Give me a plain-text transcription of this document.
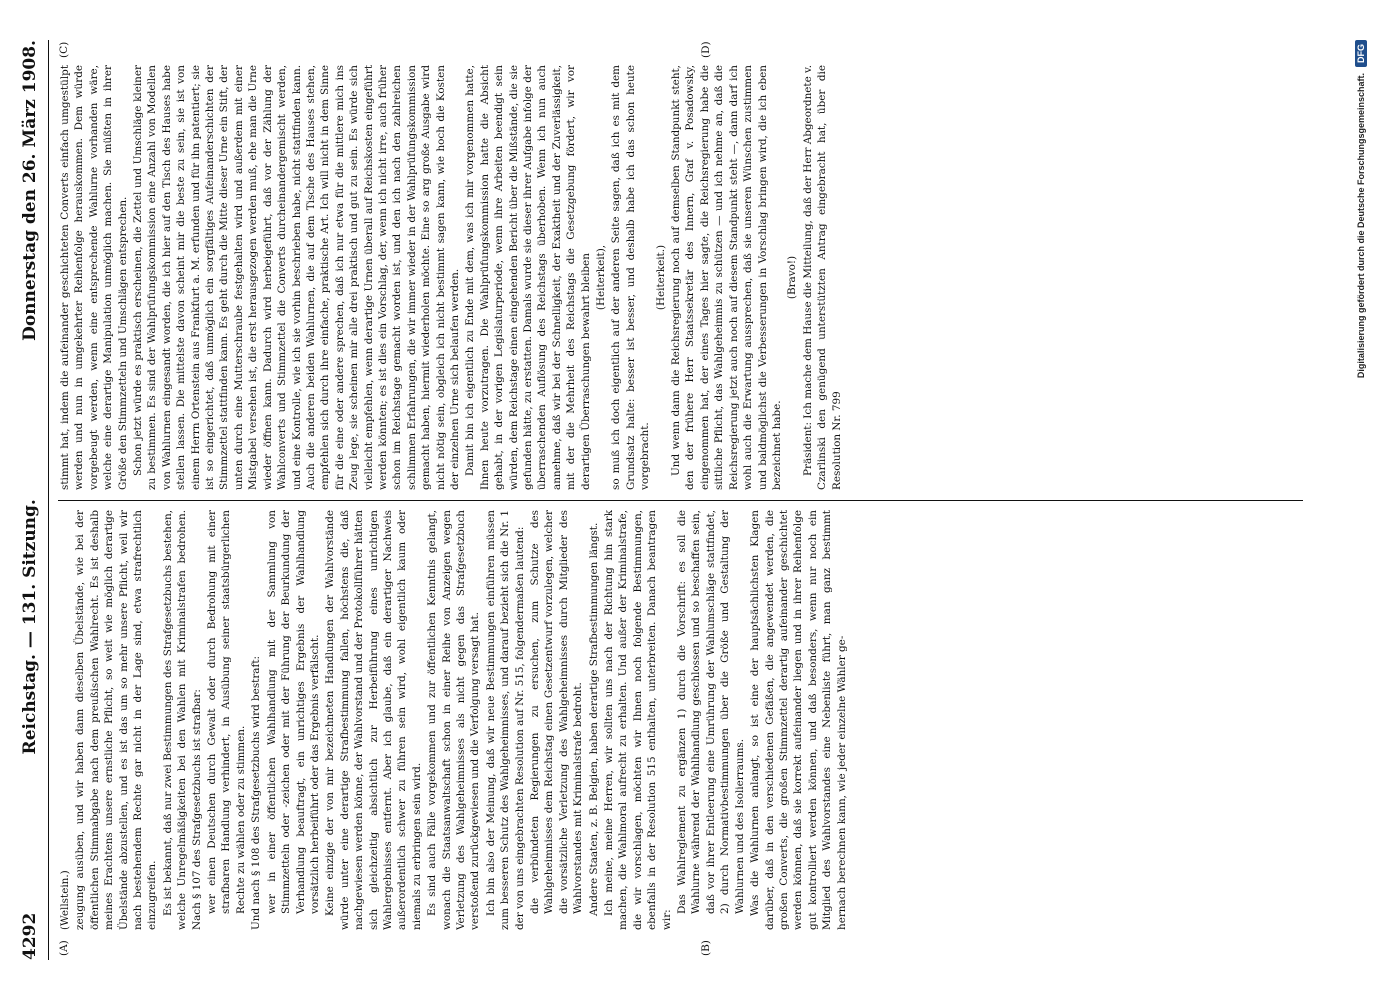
4292
Reichstag. — 131. Sitzung.
Donnerstag den 26. März 1908.
(A)	(B)
(C)	(D)

(Wellstein.) zeugung ausüben, und wir haben dann dieselben Übelstände, wie bei der öffentlichen Stimmabgabe nach dem preußischen Wahlrecht. Es ist deshalb meines Erachtens unsere ernstliche Pflicht, so weit wie möglich derartige Übelstände abzustellen, und es ist das um so mehr unsere Pflicht, weil wir nach bestehendem Rechte gar nicht in der Lage sind, etwa strafrechtlich einzugreifen. Es ist bekannt, daß nur zwei Bestimmungen des Strafgesetzbuchs bestehen, welche Unregelmäßigkeiten bei den Wahlen mit Kriminalstrafen bedrohen. Nach § 107 des Strafgesetzbuchs ist strafbar: wer einen Deutschen durch Gewalt oder durch Bedrohung mit einer strafbaren Handlung verhindert, in Ausübung seiner staatsbürgerlichen Rechte zu wählen oder zu stimmen. Und nach § 108 des Strafgesetzbuchs wird bestraft: wer in einer öffentlichen Wahlhandlung mit der Sammlung von Stimmzetteln oder -zeichen oder mit der Führung der Beurkundung der Verhandlung beauftragt, ein unrichtiges Ergebnis der Wahlhandlung vorsätzlich herbeiführt oder das Ergebnis verfälscht. Keine einzige der von mir bezeichneten Handlungen der Wahlvorstände würde unter eine derartige Strafbestimmung fallen, höchstens die, daß nachgewiesen werden könne, der Wahlvorstand und der Protokollführer hätten sich gleichzeitig absichtlich zur Herbeiführung eines unrichtigen Wahlergebnisses entfernt. Aber ich glaube, daß ein derartiger Nachweis außerordentlich schwer zu führen sein wird, wohl eigentlich kaum oder niemals zu erbringen sein wird. Es sind auch Fälle vorgekommen und zur öffentlichen Kenntnis gelangt, wonach die Staatsanwaltschaft schon in einer Reihe von Anzeigen wegen Verletzung des Wahlgeheimnisses als nicht gegen das Strafgesetzbuch verstoßend zurückgewiesen und die Verfolgung versagt hat. Ich bin also der Meinung, daß wir neue Bestimmungen einführen müssen zum besseren Schutz des Wahlgeheimnisses, und darauf bezieht sich die Nr. 1 der von uns eingebrachten Resolution auf Nr. 515, folgendermaßen lautend: die verbündeten Regierungen zu ersuchen, zum Schutze des Wahlgeheimnisses dem Reichstag einen Gesetzentwurf vorzulegen, welcher die vorsätzliche Verletzung des Wahlgeheimnisses durch Mitglieder des Wahlvorstandes mit Kriminalstrafe bedroht. Andere Staaten, z. B. Belgien, haben derartige Strafbestimmungen längst. Ich meine, meine Herren, wir sollten uns nach der Richtung hin stark machen, die Wahlmoral aufrecht zu erhalten. Und außer der Kriminalstrafe, die wir vorschlagen, möchten wir Ihnen noch folgende Bestimmungen, ebenfalls in der Resolution 515 enthalten, unterbreiten. Danach beantragen wir:

Das Wahlreglement zu ergänzen 1) durch die Vorschrift: es soll die Wahlurne während der Wahlhandlung geschlossen und so beschaffen sein, daß vor ihrer Entleerung eine Umrührung der Wahlumschläge stattfindet, 2) durch Normativbestimmungen über die Größe und Gestaltung der Wahlurnen und des Isolierraums. Was die Wahlurnen anlangt, so ist eine der hauptsächlichsten Klagen darüber, daß in den verschiedenen Gefäßen, die angewendet werden, die großen Converts, die großen Stimmzettel derartig aufeinander geschichtet werden können, daß sie korrekt aufeinander liegen und in ihrer Reihenfolge gut kontrolliert werden können, und daß besonders, wenn nur noch ein Mitglied des Wahlvorstandes eine Nebenliste führt, man ganz bestimmt hernach berechnen kann, wie jeder einzelne Wähler ge-

stimmt hat, indem die aufeinander geschichteten Converts einfach umgestülpt werden und nun in umgekehrter Reihenfolge herauskommen. Dem würde vorgebeugt werden, wenn eine entsprechende Wahlurne vorhanden wäre, welche eine derartige Manipulation unmöglich machen. Sie müßten in ihrer Größe den Stimmzetteln und Umschlägen entsprechen. Schon jetzt würde es praktisch erscheinen, die Zettel und Umschläge kleiner zu bestimmen. Es sind der Wahlprüfungskommission eine Anzahl von Modellen von Wahlurnen eingesandt worden, die ich hier auf den Tisch des Hauses habe stellen lassen. Die mittelste davon scheint mir die beste zu sein, sie ist von einem Herrn Ortenstein aus Frankfurt a. M. erfunden und für ihn patentiert; sie ist so eingerichtet, daß unmöglich ein sorgfältiges Aufeinanderschichten der Stimmzettel stattfinden kann. Es geht durch die Mitte dieser Urne ein Stift, der unten durch eine Mutterschraube festgehalten wird und außerdem mit einer Mistgabel versehen ist, die erst herausgezogen werden muß, ehe man die Urne wieder öffnen kann. Dadurch wird herbeigeführt, daß vor der Zählung der Wahlconverts und Stimmzettel die Converts durcheinandergemischt werden, und eine Kontrolle, wie ich sie vorhin beschrieben habe, nicht stattfinden kann. Auch die anderen beiden Wahlurnen, die auf dem Tische des Hauses stehen, empfehlen sich durch ihre einfache, praktische Art. Ich will nicht in dem Sinne für die eine oder andere sprechen, daß ich nur etwa für die mittlere mich ins Zeug lege, sie scheinen mir alle drei praktisch und gut zu sein. Es würde sich vielleicht empfehlen, wenn derartige Urnen überall auf Reichskosten eingeführt werden könnten; es ist dies ein Vorschlag, der, wenn ich nicht irre, auch früher schon im Reichstage gemacht worden ist, und den ich nach den zahlreichen schlimmen Erfahrungen, die wir immer wieder in der Wahlprüfungskommission gemacht haben, hiermit wiederholen möchte. Eine so arg große Ausgabe wird nicht nötig sein, obgleich ich nicht bestimmt sagen kann, wie hoch die Kosten der einzelnen Urne sich belaufen werden. Damit bin ich eigentlich zu Ende mit dem, was ich mir vorgenommen hatte, Ihnen heute vorzutragen. Die Wahlprüfungskommission hatte die Absicht gehabt, in der vorigen Legislaturperiode, wenn ihre Arbeiten beendigt sein würden, dem Reichstage einen eingehenden Bericht über die Mißstände, die sie gefunden hätte, zu erstatten. Damals wurde sie dieser ihrer Aufgabe infolge der überraschenden Auflösung des Reichstags überhoben. Wenn ich nun auch annehme, daß wir bei der Schnelligkeit, der Exaktheit und der Zuverlässigkeit, mit der die Mehrheit des Reichstags die Gesetzgebung fördert, wir vor derartigen Überraschungen bewahrt bleiben (Heiterkeit), so muß ich doch eigentlich auf der anderen Seite sagen, daß ich es mit dem Grundsatz halte: besser ist besser, und deshalb habe ich das schon heute vorgebracht.

(Heiterkeit.) Und wenn dann die Reichsregierung noch auf demselben Standpunkt steht, den der frühere Herr Staatssekretär des Innern, Graf v. Posadowsky, eingenommen hat, der eines Tages hier sagte, die Reichsregierung habe die sittliche Pflicht, das Wahlgeheimnis zu schützen — und ich nehme an, daß die Reichsregierung jetzt auch noch auf diesem Standpunkt steht —, dann darf ich wohl auch die Erwartung aussprechen, daß sie unseren Wünschen zustimmen und baldmöglichst die Verbesserungen in Vorschlag bringen wird, die ich eben bezeichnet habe.

(Bravo!) Präsident: Ich mache dem Hause die Mitteilung, daß der Herr Abgeordnete v. Czarlinski den genügend unterstützten Antrag eingebracht hat, über die Resolution Nr. 799

Digitalisierung gefördert durch die Deutsche Forschungsgemeinschaft.
DFG
